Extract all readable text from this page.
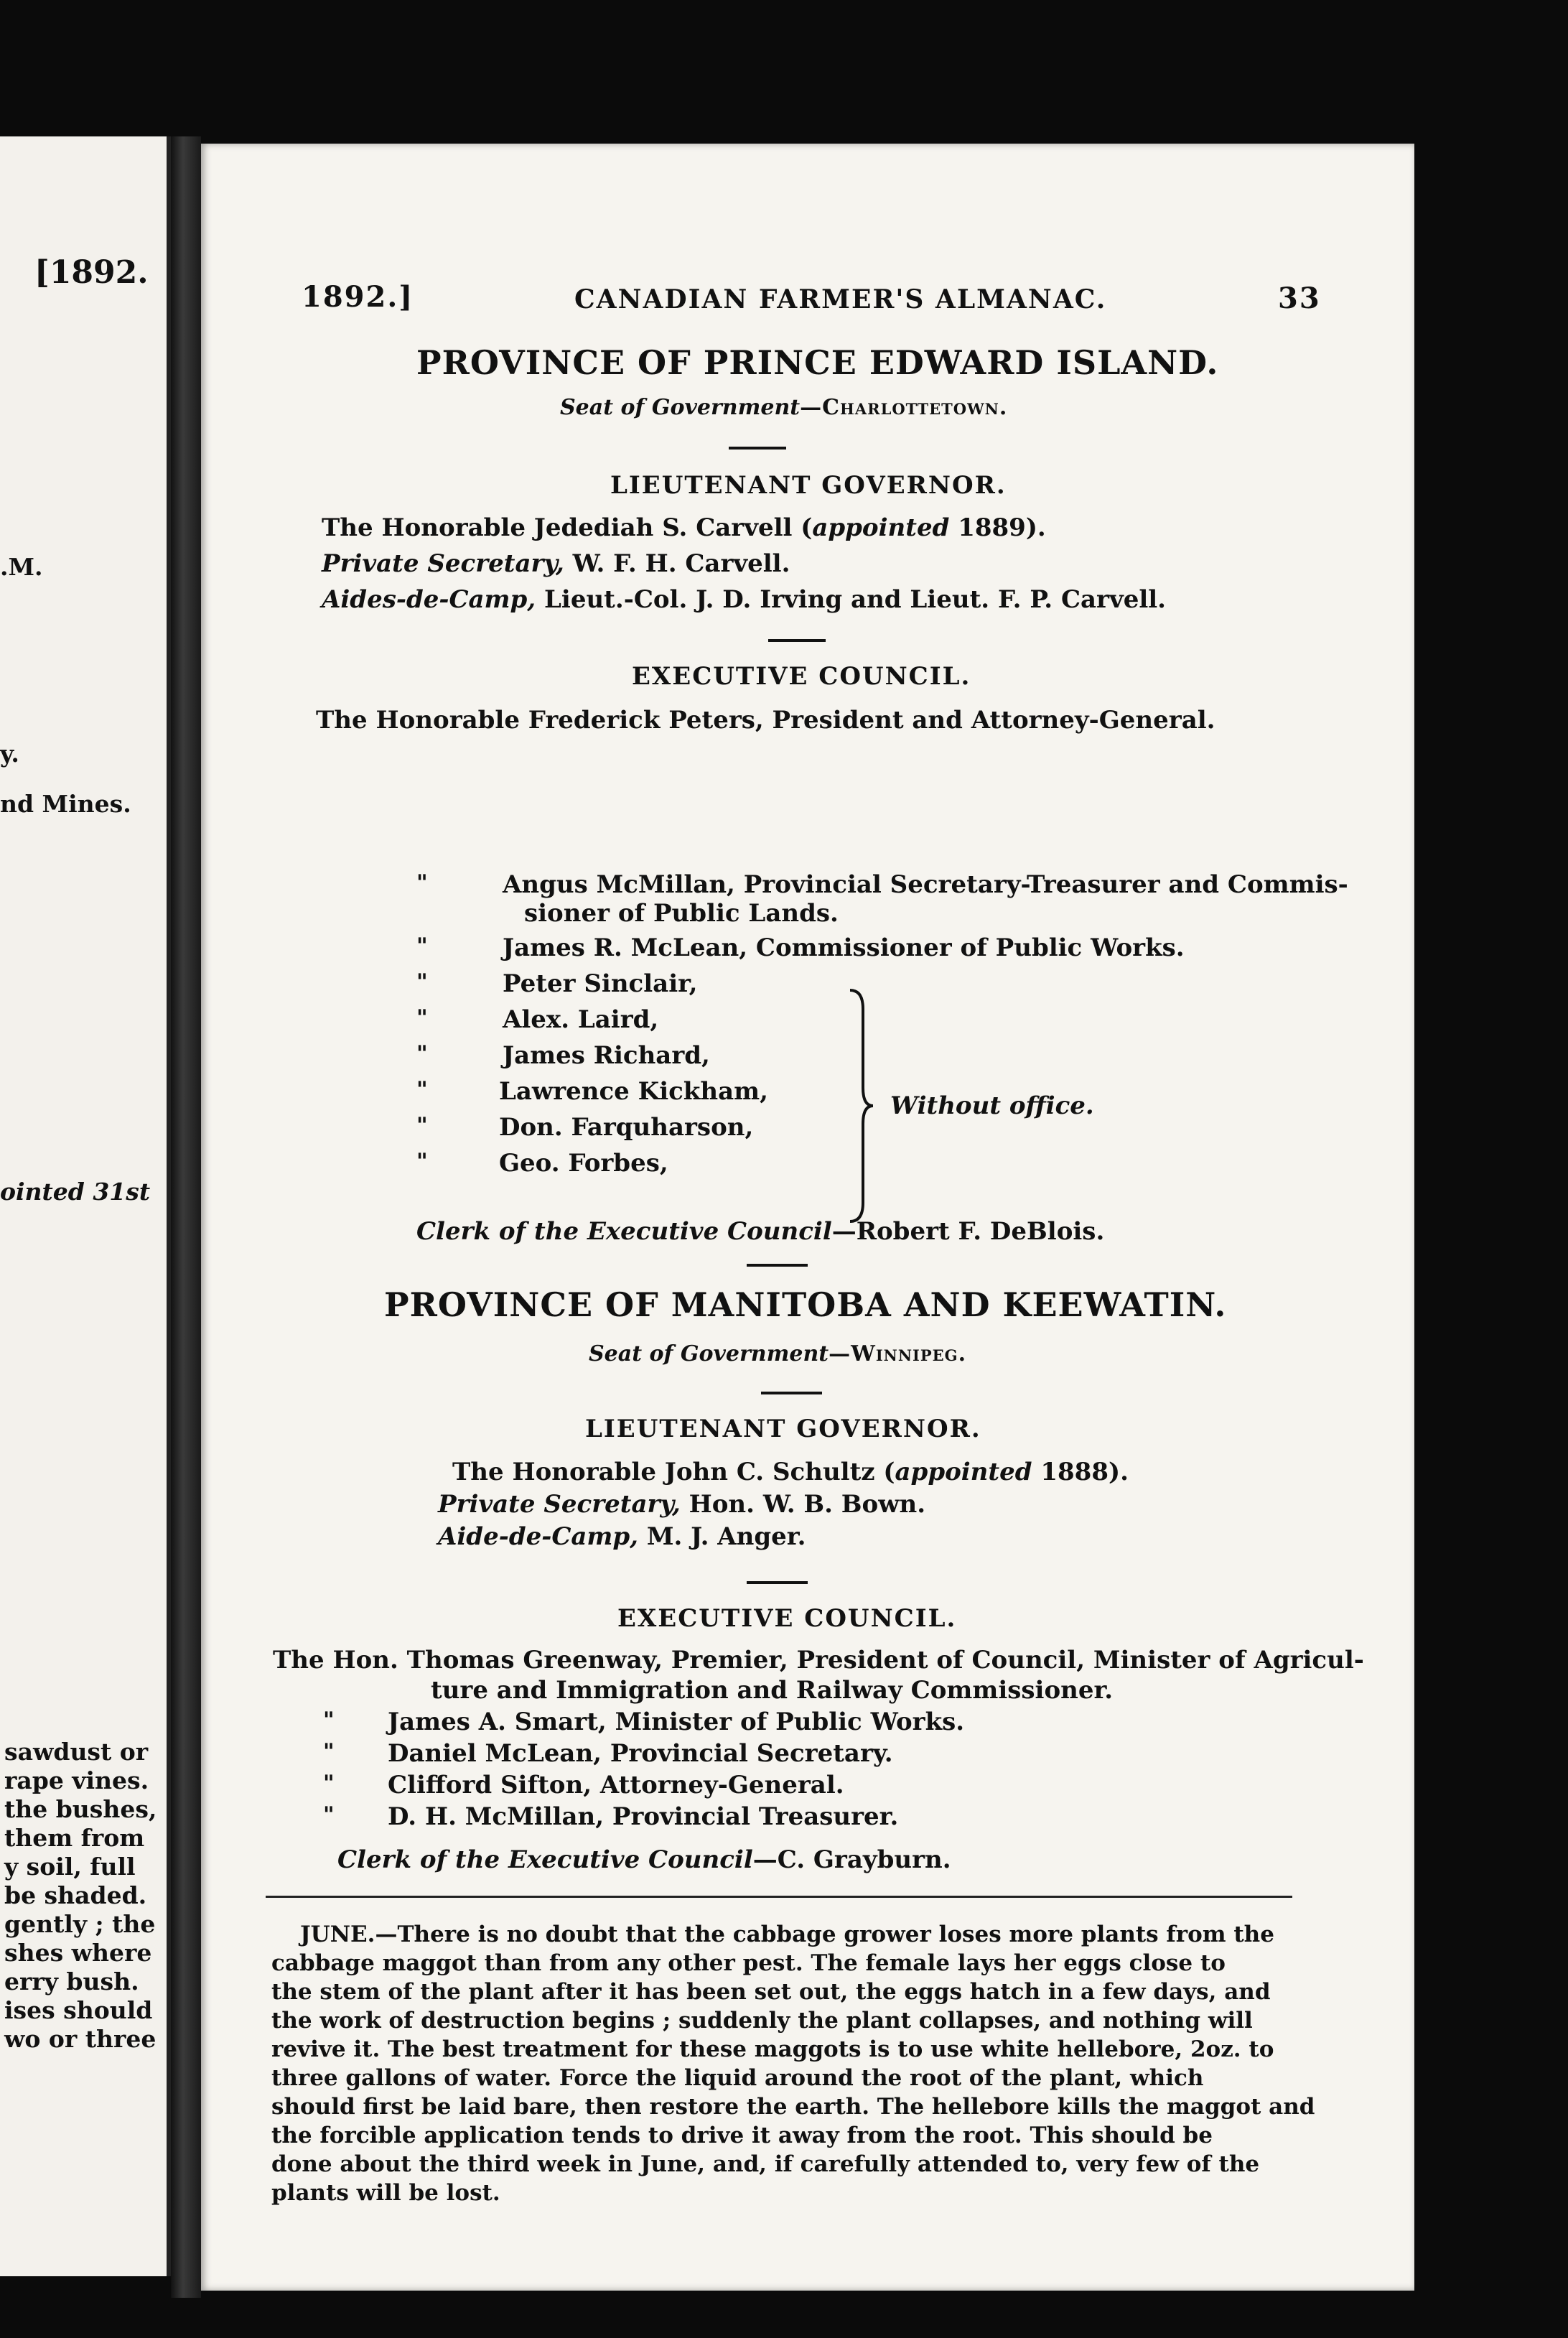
[1892.
.M.
y.
nd Mines.
ointed 31st
sawdust or
rape vines.
the bushes,
them from
y soil, full
be shaded.
gently ; the
shes where
erry bush.
ises should
wo or three
1892.]	CANADIAN FARMER'S ALMANAC.	33
PROVINCE OF PRINCE EDWARD ISLAND.
Seat of Government—Charlottetown.
LIEUTENANT GOVERNOR.
The Honorable Jedediah S. Carvell (appointed 1889).
Private Secretary, W. F. H. Carvell.
Aides-de-Camp, Lieut.-Col. J. D. Irving and Lieut. F. P. Carvell.
EXECUTIVE COUNCIL.
The Honorable Frederick Peters, President and Attorney-General.
"	Angus McMillan, Provincial Secretary-Treasurer and Commis-
sioner of Public Lands.
"	James R. McLean, Commissioner of Public Works.
"	Peter Sinclair,
"	Alex. Laird,
"	James Richard,
"	Lawrence Kickham,
"	Don. Farquharson,
"	Geo. Forbes,
Without office.
Clerk of the Executive Council—Robert F. DeBlois.
PROVINCE OF MANITOBA AND KEEWATIN.
Seat of Government—Winnipeg.
LIEUTENANT GOVERNOR.
The Honorable John C. Schultz (appointed 1888).
Private Secretary, Hon. W. B. Bown.
Aide-de-Camp, M. J. Anger.
EXECUTIVE COUNCIL.
The Hon. Thomas Greenway, Premier, President of Council, Minister of Agricul-
ture and Immigration and Railway Commissioner.
" James A. Smart, Minister of Public Works.
" Daniel McLean, Provincial Secretary.
" Clifford Sifton, Attorney-General.
" D. H. McMillan, Provincial Treasurer.
Clerk of the Executive Council—C. Grayburn.
JUNE.—There is no doubt that the cabbage grower loses more plants from the
cabbage maggot than from any other pest. The female lays her eggs close to
the stem of the plant after it has been set out, the eggs hatch in a few days, and
the work of destruction begins ; suddenly the plant collapses, and nothing will
revive it. The best treatment for these maggots is to use white hellebore, 2oz. to
three gallons of water. Force the liquid around the root of the plant, which
should first be laid bare, then restore the earth. The hellebore kills the maggot and
the forcible application tends to drive it away from the root. This should be
done about the third week in June, and, if carefully attended to, very few of the
plants will be lost.
